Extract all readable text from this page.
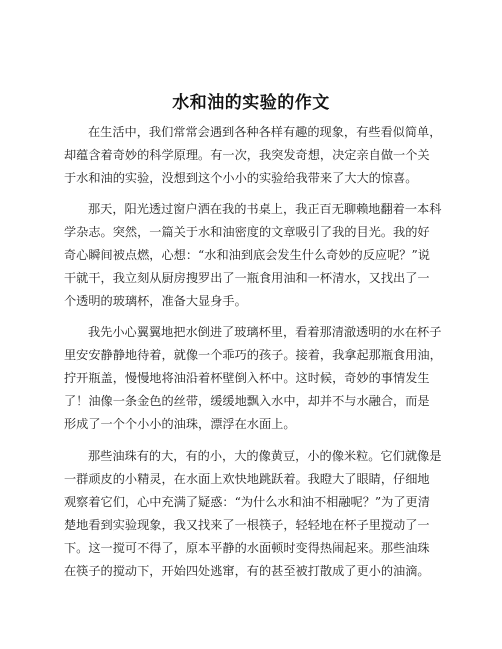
水和油的实验的作文
在生活中，我们常常会遇到各种各样有趣的现象，有些看似简单，
却蕴含着奇妙的科学原理。有一次，我突发奇想，决定亲自做一个关
于水和油的实验，没想到这个小小的实验给我带来了大大的惊喜。
那天，阳光透过窗户洒在我的书桌上，我正百无聊赖地翻着一本科
学杂志。突然，一篇关于水和油密度的文章吸引了我的目光。我的好
奇心瞬间被点燃，心想：“水和油到底会发生什么奇妙的反应呢？”说
干就干，我立刻从厨房搜罗出了一瓶食用油和一杯清水，又找出了一
个透明的玻璃杯，准备大显身手。
我先小心翼翼地把水倒进了玻璃杯里，看着那清澈透明的水在杯子
里安安静静地待着，就像一个乖巧的孩子。接着，我拿起那瓶食用油，
拧开瓶盖，慢慢地将油沿着杯壁倒入杯中。这时候，奇妙的事情发生
了！油像一条金色的丝带，缓缓地飘入水中，却并不与水融合，而是
形成了一个个小小的油珠，漂浮在水面上。
那些油珠有的大，有的小，大的像黄豆，小的像米粒。它们就像是
一群顽皮的小精灵，在水面上欢快地跳跃着。我瞪大了眼睛，仔细地
观察着它们，心中充满了疑惑：“为什么水和油不相融呢？”为了更清
楚地看到实验现象，我又找来了一根筷子，轻轻地在杯子里搅动了一
下。这一搅可不得了，原本平静的水面顿时变得热闹起来。那些油珠
在筷子的搅动下，开始四处逃窜，有的甚至被打散成了更小的油滴。
